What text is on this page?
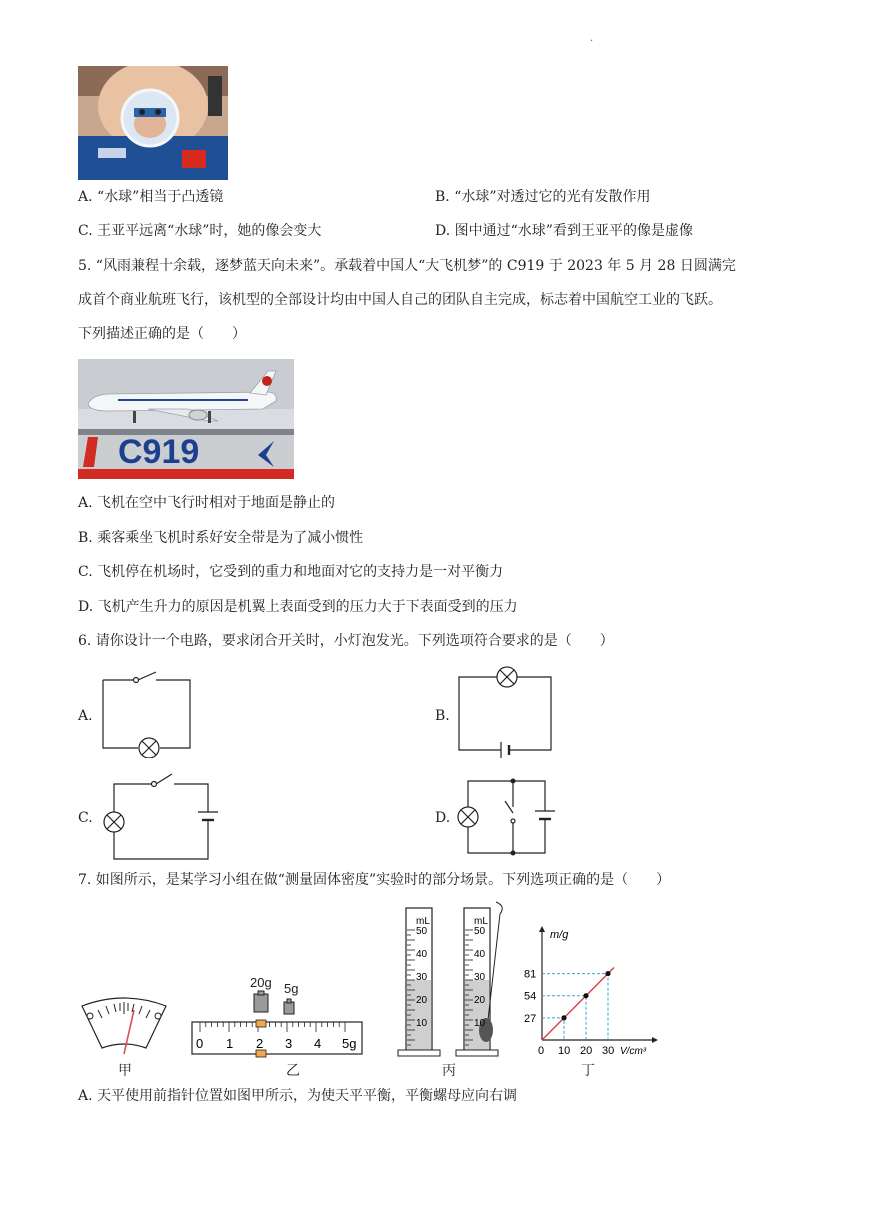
.
A. “水球”相当于凸透镜	B. “水球”对透过它的光有发散作用
C. 王亚平远离“水球”时，她的像会变大	D. 图中通过“水球”看到王亚平的像是虚像
5. “风雨兼程十余载，逐梦蓝天向未来”。承载着中国人“大飞机梦”的 C919 于 2023 年 5 月 28 日圆满完
成首个商业航班飞行，该机型的全部设计均由中国人自己的团队自主完成，标志着中国航空工业的飞跃。
下列描述正确的是（　　）
C919
A. 飞机在空中飞行时相对于地面是静止的
B. 乘客乘坐飞机时系好安全带是为了减小惯性
C. 飞机停在机场时，它受到的重力和地面对它的支持力是一对平衡力
D. 飞机产生升力的原因是机翼上表面受到的压力大于下表面受到的压力
6. 请你设计一个电路，要求闭合开关时，小灯泡发光。下列选项符合要求的是（　　）
A.	B.
C.	D.
7. 如图所示，是某学习小组在做“测量固体密度”实验时的部分场景。下列选项正确的是（　　）
甲
20g 5g
0 1 2 3 4 5g
乙
mL	mL
50
40
30
20
10
50
40
30
20
10
丙
m/g
V/cm³
0 10 20 30
27
54
81
丁
A. 天平使用前指针位置如图甲所示，为使天平平衡，平衡螺母应向右调
